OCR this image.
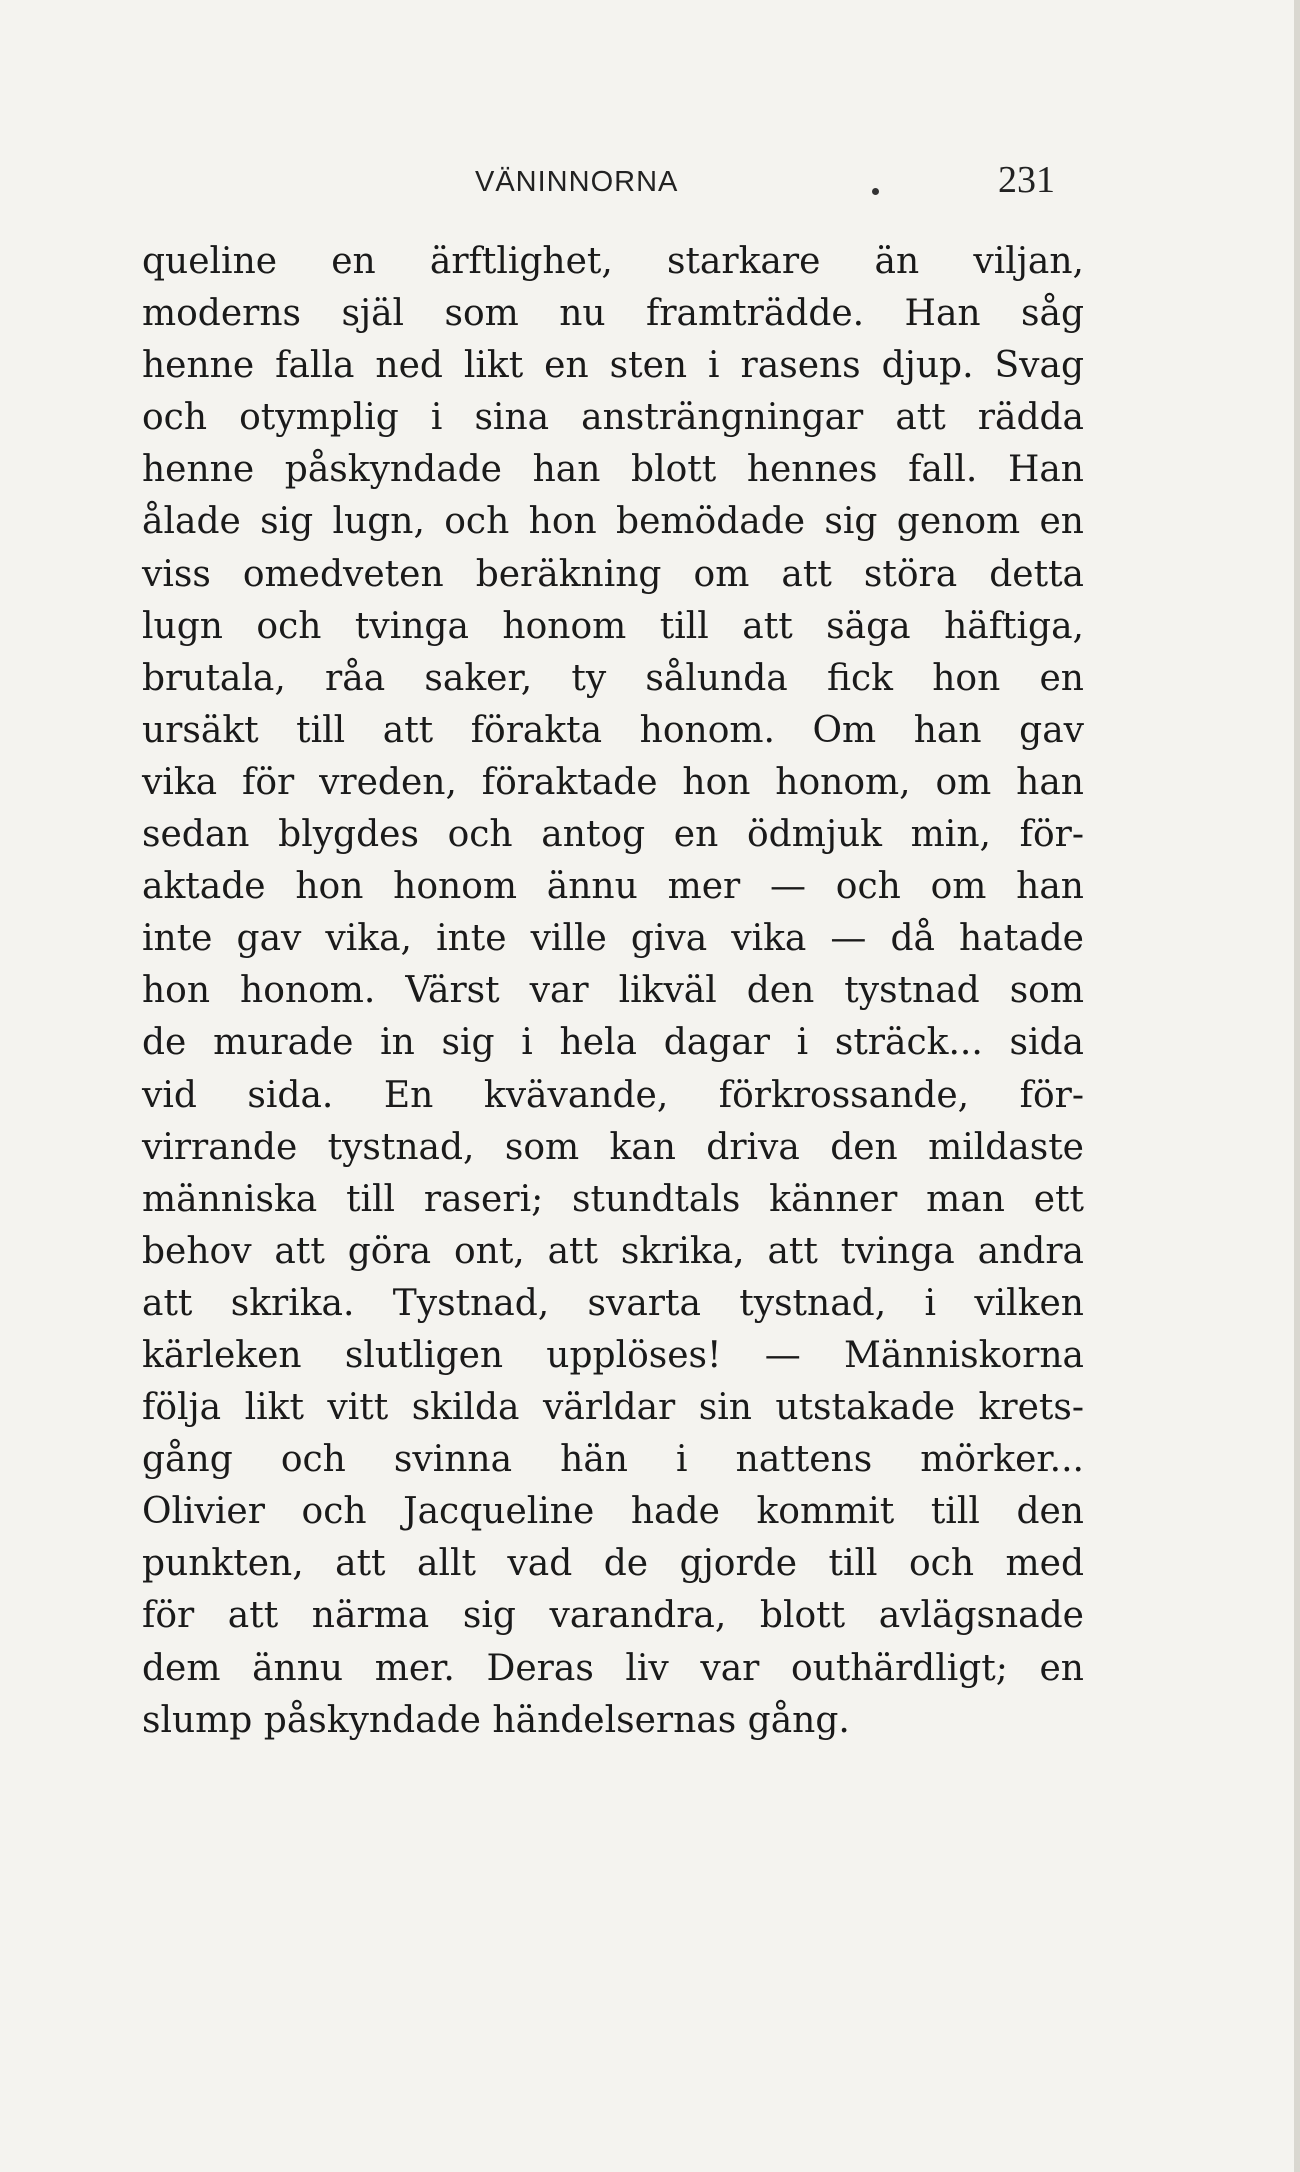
VÄNINNORNA	231
queline en ärftlighet, starkare än viljan,
moderns själ som nu framträdde. Han såg
henne falla ned likt en sten i rasens djup. Svag
och otymplig i sina ansträngningar att rädda
henne påskyndade han blott hennes fall. Han
ålade sig lugn, och hon bemödade sig genom en
viss omedveten beräkning om att störa detta
lugn och tvinga honom till att säga häftiga,
brutala, råa saker, ty sålunda fick hon en
ursäkt till att förakta honom. Om han gav
vika för vreden, föraktade hon honom, om han
sedan blygdes och antog en ödmjuk min, för-
aktade hon honom ännu mer — och om han
inte gav vika, inte ville giva vika — då hatade
hon honom. Värst var likväl den tystnad som
de murade in sig i hela dagar i sträck... sida
vid sida. En kvävande, förkrossande, för-
virrande tystnad, som kan driva den mildaste
människa till raseri; stundtals känner man ett
behov att göra ont, att skrika, att tvinga andra
att skrika. Tystnad, svarta tystnad, i vilken
kärleken slutligen upplöses! — Människorna
följa likt vitt skilda världar sin utstakade krets-
gång och svinna hän i nattens mörker...
Olivier och Jacqueline hade kommit till den
punkten, att allt vad de gjorde till och med
för att närma sig varandra, blott avlägsnade
dem ännu mer. Deras liv var outhärdligt; en
slump påskyndade händelsernas gång.
